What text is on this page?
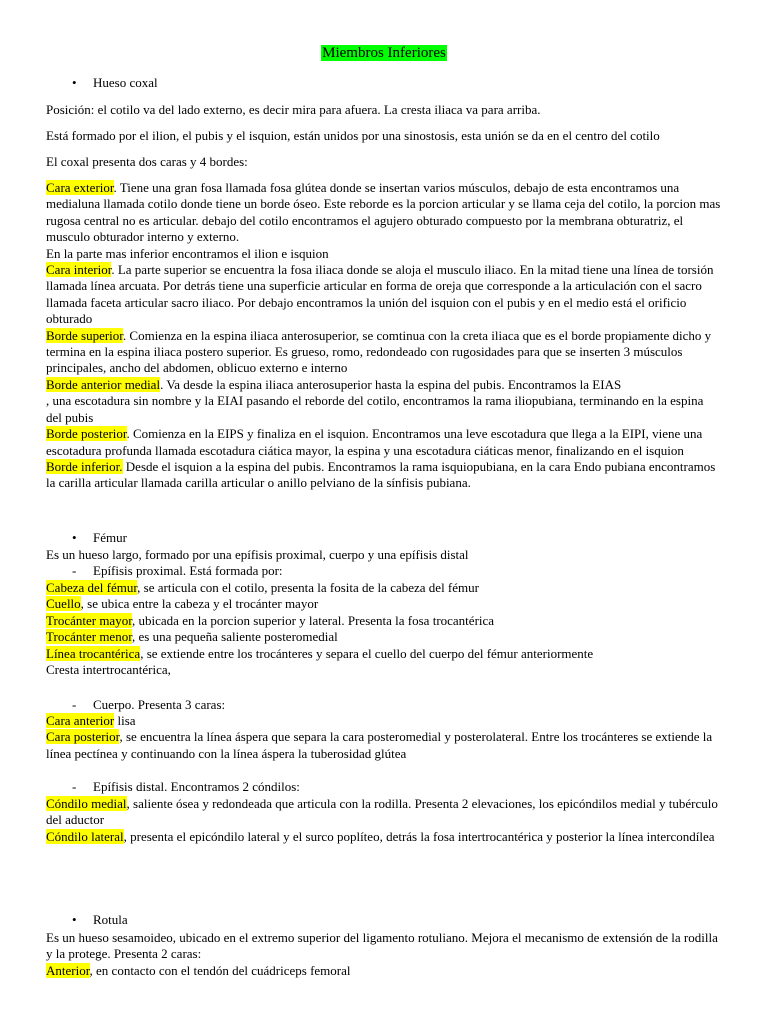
Miembros Inferiores
• Hueso coxal

Posición: el cotilo va del lado externo, es decir mira para afuera. La cresta iliaca va para arriba.

Está formado por el ilion, el pubis y el isquion, están unidos por una sinostosis, esta unión se da en el centro del cotilo

El coxal presenta dos caras y 4 bordes:

Cara exterior. Tiene una gran fosa llamada fosa glútea donde se insertan varios músculos, debajo de esta encontramos una medialuna llamada cotilo donde tiene un borde óseo. Este reborde es la porcion articular y se llama ceja del cotilo, la porcion mas rugosa central no es articular. debajo del cotilo encontramos el agujero obturado compuesto por la membrana obturatriz, el musculo obturador interno y externo.

En la parte mas inferior encontramos el ilion e isquion

Cara interior. La parte superior se encuentra la fosa iliaca donde se aloja el musculo iliaco. En la mitad tiene una línea de torsión llamada línea arcuata. Por detrás tiene una superficie articular en forma de oreja que corresponde a la articulación con el sacro llamada faceta articular sacro iliaco. Por debajo encontramos la unión del isquion con el pubis y en el medio está el orificio obturado

Borde superior. Comienza en la espina iliaca anterosuperior, se comtinua con la creta iliaca que es el borde propiamente dicho y termina en la espina iliaca postero superior. Es grueso, romo, redondeado con rugosidades para que se inserten 3 músculos principales, ancho del abdomen, oblicuo externo e interno

Borde anterior medial. Va desde la espina iliaca anterosuperior hasta la espina del pubis. Encontramos la EIAS

, una escotadura sin nombre y la EIAI pasando el reborde del cotilo, encontramos la rama iliopubiana, terminando en la espina del pubis

Borde posterior. Comienza en la EIPS y finaliza en el isquion. Encontramos una leve escotadura que llega a la EIPI, viene una escotadura profunda llamada escotadura ciática mayor, la espina y una escotadura ciáticas menor, finalizando en el isquion

Borde inferior. Desde el isquion a la espina del pubis. Encontramos la rama isquiopubiana, en la cara Endo pubiana encontramos la carilla articular llamada carilla articular o anillo pelviano de la sínfisis pubiana.

• Fémur

Es un hueso largo, formado por una epífisis proximal, cuerpo y una epífisis distal

- Epífisis proximal. Está formada por:

Cabeza del fémur, se articula con el cotilo, presenta la fosita de la cabeza del fémur

Cuello, se ubica entre la cabeza y el trocánter mayor

Trocánter mayor, ubicada en la porcion superior y lateral. Presenta la fosa trocantérica

Trocánter menor, es una pequeña saliente posteromedial

Línea trocantérica, se extiende entre los trocánteres y separa el cuello del cuerpo del fémur anteriormente

Cresta intertrocantérica,

- Cuerpo. Presenta 3 caras:

Cara anterior lisa

Cara posterior, se encuentra la línea áspera que separa la cara posteromedial y posterolateral. Entre los trocánteres se extiende la línea pectínea y continuando con la línea áspera la tuberosidad glútea

- Epífisis distal. Encontramos 2 cóndilos:

Cóndilo medial, saliente ósea y redondeada que articula con la rodilla. Presenta 2 elevaciones, los epicóndilos medial y tubérculo del aductor

Cóndilo lateral, presenta el epicóndilo lateral y el surco poplíteo, detrás la fosa intertrocantérica y posterior la línea intercondílea

• Rotula

Es un hueso sesamoideo, ubicado en el extremo superior del ligamento rotuliano. Mejora el mecanismo de extensión de la rodilla y la protege. Presenta 2 caras:

Anterior, en contacto con el tendón del cuádriceps femoral
